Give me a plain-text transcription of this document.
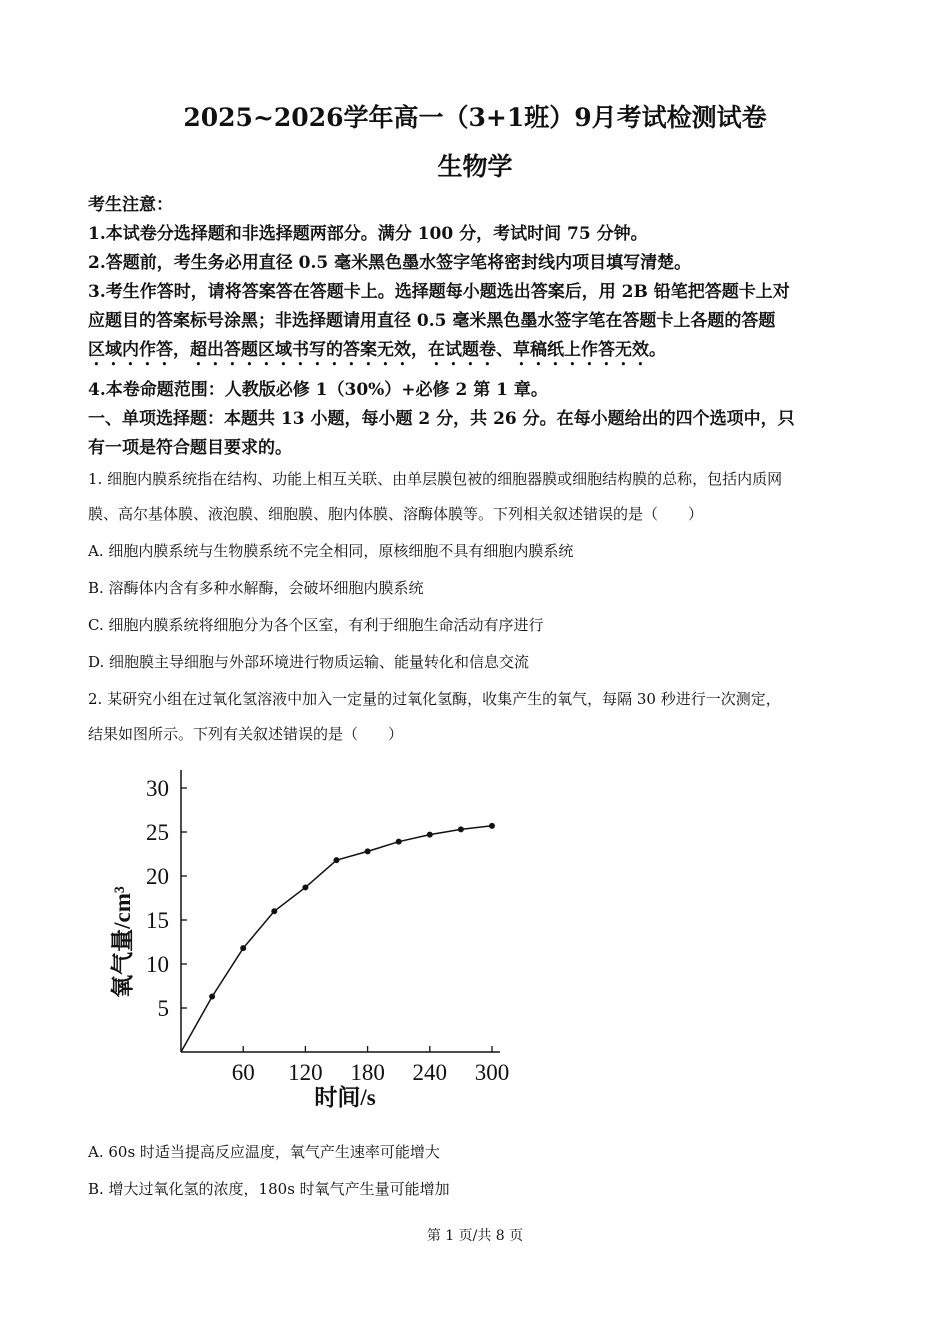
2025~2026学年高一（3+1班）9月考试检测试卷
生物学
考生注意：
1.本试卷分选择题和非选择题两部分。满分 100 分，考试时间 75 分钟。
2.答题前，考生务必用直径 0.5 毫米黑色墨水签字笔将密封线内项目填写清楚。
3.考生作答时，请将答案答在答题卡上。选择题每小题选出答案后，用 2B 铅笔把答题卡上对
应题目的答案标号涂黑；非选择题请用直径 0.5 毫米黑色墨水签字笔在答题卡上各题的答题
区域内作答，超出答题区域书写的答案无效，在试题卷、草稿纸上作答无效。
4.本卷命题范围：人教版必修 1（30%）+必修 2 第 1 章。
一、单项选择题：本题共 13 小题，每小题 2 分，共 26 分。在每小题给出的四个选项中，只
有一项是符合题目要求的。
1. 细胞内膜系统指在结构、功能上相互关联、由单层膜包被的细胞器膜或细胞结构膜的总称，包括内质网
膜、高尔基体膜、液泡膜、细胞膜、胞内体膜、溶酶体膜等。下列相关叙述错误的是（　　）
A. 细胞内膜系统与生物膜系统不完全相同，原核细胞不具有细胞内膜系统
B. 溶酶体内含有多种水解酶，会破坏细胞内膜系统
C. 细胞内膜系统将细胞分为各个区室，有利于细胞生命活动有序进行
D. 细胞膜主导细胞与外部环境进行物质运输、能量转化和信息交流
2. 某研究小组在过氧化氢溶液中加入一定量的过氧化氢酶，收集产生的氧气，每隔 30 秒进行一次测定，
结果如图所示。下列有关叙述错误的是（　　）
5
10
15
20
25
30
60 120 180 240 300
时间/s
氧气量/cm³
A. 60s 时适当提高反应温度，氧气产生速率可能增大
B. 增大过氧化氢的浓度，180s 时氧气产生量可能增加
第 1 页/共 8 页
